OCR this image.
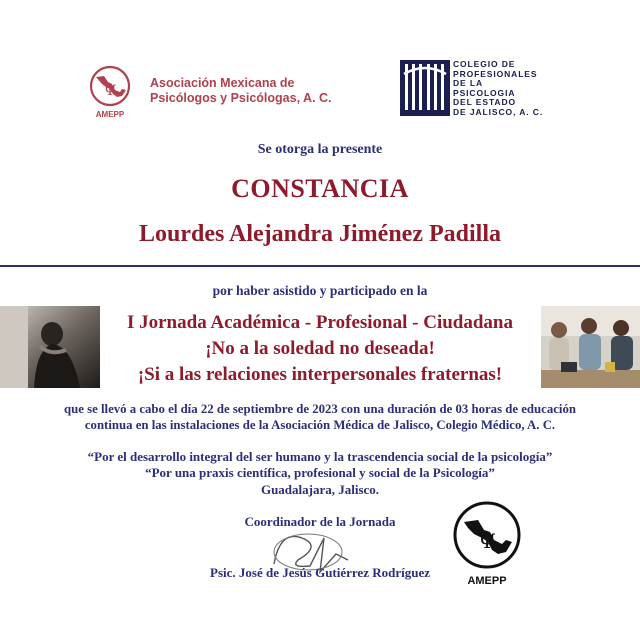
Ψ
AMEPP
Asociación Mexicana de
Psicólogos y Psicólogas, A. C.
COLEGIO DE
PROFESIONALES
DE LA
PSICOLOGIA
DEL ESTADO
DE JALISCO, A. C.
Se otorga la presente
CONSTANCIA
Lourdes Alejandra Jiménez Padilla
por haber asistido y participado en la
I Jornada Académica - Profesional - Ciudadana
¡No a la soledad no deseada!
¡Si a las relaciones interpersonales fraternas!
que se llevó a cabo el día 22 de septiembre de 2023 con una duración de 03 horas de educación
continua en las instalaciones de la Asociación Médica de Jalisco, Colegio Médico, A. C.
“Por el desarrollo integral del ser humano y la trascendencia social de la psicología”
“Por una praxis científica, profesional y social de la Psicología”
Guadalajara, Jalisco.
Coordinador de la Jornada
Psic. José de Jesús Gutiérrez Rodríguez
Ψ
AMEPP
